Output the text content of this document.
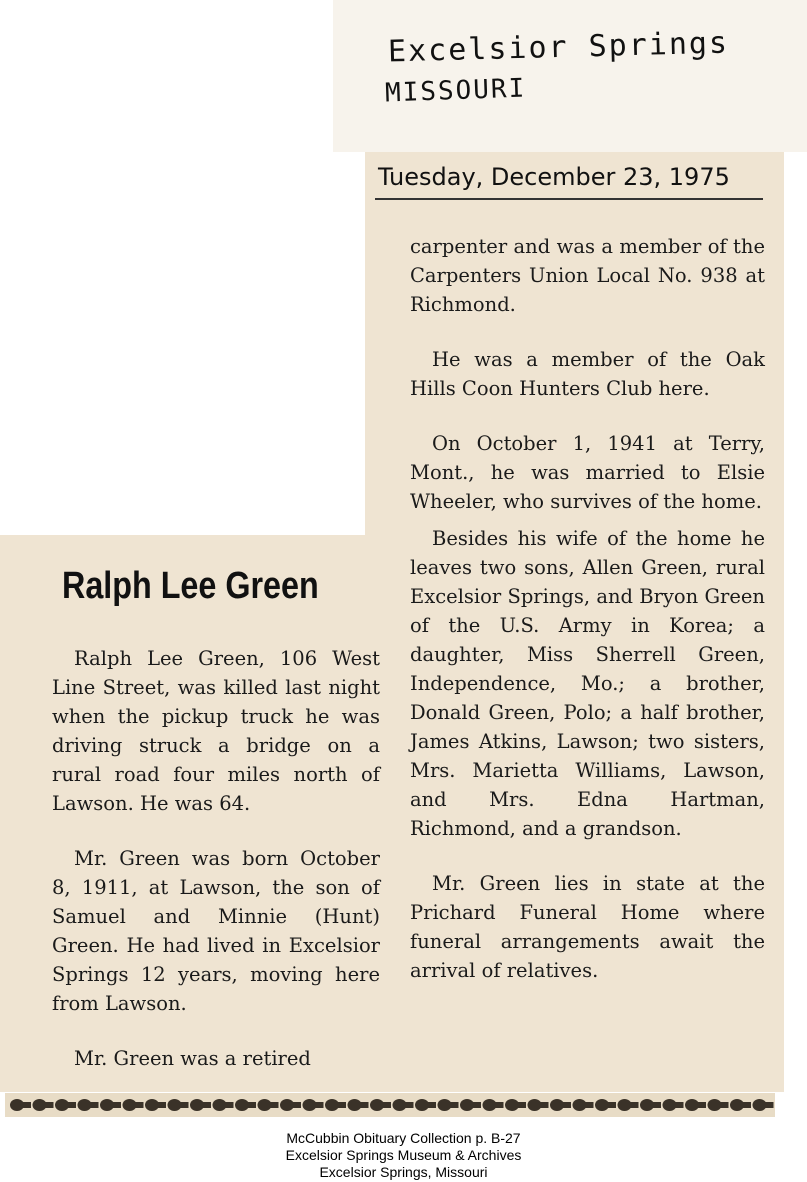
Excelsior Springs
MISSOURI
Tuesday, December 23, 1975

carpenter and was a member of the Carpenters Union Local No. 938 at Richmond.

He was a member of the Oak Hills Coon Hunters Club here.

On October 1, 1941 at Terry, Mont., he was married to Elsie Wheeler, who survives of the home.

Besides his wife of the home he leaves two sons, Allen Green, rural Excelsior Springs, and Bryon Green of the U.S. Army in Korea; a daughter, Miss Sherrell Green, Independence, Mo.; a brother, Donald Green, Polo; a half brother, James Atkins, Lawson; two sisters, Mrs. Marietta Williams, Lawson, and Mrs. Edna Hartman, Richmond, and a grandson.

Mr. Green lies in state at the Prichard Funeral Home where funeral arrangements await the arrival of relatives.

Ralph Lee Green

Ralph Lee Green, 106 West Line Street, was killed last night when the pickup truck he was driving struck a bridge on a rural road four miles north of Lawson. He was 64.

Mr. Green was born October 8, 1911, at Lawson, the son of Samuel and Minnie (Hunt) Green. He had lived in Excelsior Springs 12 years, moving here from Lawson.

Mr. Green was a retired

McCubbin Obituary Collection p. B-27
Excelsior Springs Museum & Archives
Excelsior Springs, Missouri
